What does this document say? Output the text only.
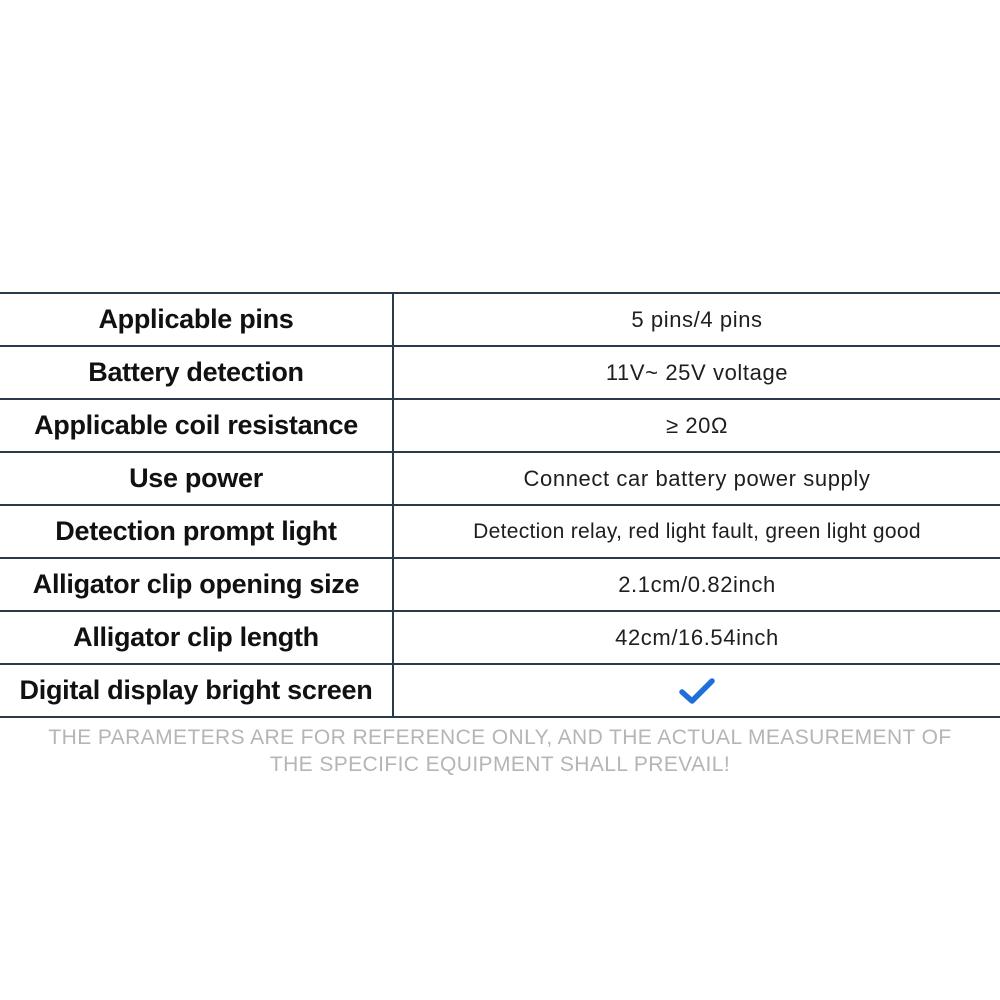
Applicable pins	5 pins/4 pins
Battery detection	11V~ 25V voltage
Applicable coil resistance	≥ 20Ω
Use power	Connect car battery power supply
Detection prompt light	Detection relay, red light fault, green light good
Alligator clip opening size	2.1cm/0.82inch
Alligator clip length	42cm/16.54inch
Digital display bright screen
THE PARAMETERS ARE FOR REFERENCE ONLY, AND THE ACTUAL MEASUREMENT OF
THE SPECIFIC EQUIPMENT SHALL PREVAIL!
